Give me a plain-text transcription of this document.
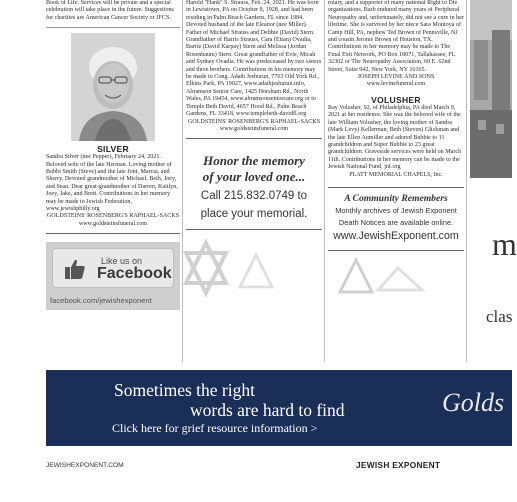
Book of Life. Services will be private and a special celebration will take place in the future. Suggestions for charities are American Cancer Society or JFCS.
SILVER
Sandra Silver (nee Pepper), February 24, 2021. Beloved wife of the late Herman. Loving mother of Bobbi Smith (Steve) and the late Joni, Marcia, and Sherry. Devoted grandmother of Michael, Beth, Joey, and Sean. Dear great-grandmother of Darren, Kaitlyn, Joey, Jake, and Brett. Contributions in her memory may be made to Jewish Federation, www.jewishphilly.org
GOLDSTEINS' ROSENBERG'S RAPHAEL-SACKS
www.goldsteinsfuneral.com
Like us on
Facebook
facebook.com/jewishexponent
Harold "Hank" S. Strauss, Feb. 24, 2021. He was born in Lewistown, PA on October 8, 1928, and had been residing in Palm Beach Gardens, FL since 1984. Devoted husband of the late Eleanor (nee Miller). Father of Michael Strauss and Debbie (David) Stern. Grandfather of Harris Strauss, Cara (Eitan) Ovadia, Barrie (David Karpay) Stern and Melissa (Jordan Rosenbaum) Stern. Great grandfather of Evie, Micah and Sydney Ovadia. He was predeceased by two sisters and three brothers. Contributions in his memory may be made to Cong. Adath Jeshurun, 7763 Old York Rd., Elkins Park, PA 19027, www.adathjeshurun.info, Abramson Senior Care, 1425 Horsham Rd., North Wales, PA 19454, www.abramsonseniorcare.org or to Temple Beth David, 4657 Hood Rd., Palm Beach Gardens, FL 33418, www.templebeth-davidfl.org
GOLDSTEINS' ROSENBERG'S RAPHAEL-SACKS
www.goldsteinsfuneral.com
Honor the memory
of your loved one...
Call 215.832.0749 to
place your memorial.
rotary, and a supporter of many national Right to Die organizations. Barb endured many years of Peripheral Neuropathy and, unfortunately, did not see a cure in her lifetime. She is survived by her niece Sara Montoya of Camp Hill, PA, nephew Ted Brown of Pennsville, NJ and cousin Jerome Brown of Houston, TX. Contributions in her memory may be made to The Final Exit Network, PO Box 10071, Tallahassee, FL 32302 or The Neuropathy Association, 60 E. 62nd Street, Suite 942, New York, NY 10165.
JOSEPH LEVINE AND SONS
www.levinefuneral.com
VOLUSHER
Ray Volusher, 92, of Philadelphia, PA died March 9, 2021 at her residence. She was the beloved wife of the late William Volusher, the loving mother of Sandra (Mark Levy) Kellerman, Beth (Steven) Glickman and the late Ellen Aumiller and adored Bubbie to 11 grandchildren and Super Bubbie to 23 great grandchildren. Graveside services were held on March 11th. Contributions in her memory can be made to the Jewish National Fund, jnf.org
PLATT MEMORIAL CHAPELS, Inc.
A Community Remembers
Monthly archives of Jewish Exponent
Death Notices are available online.
www.JewishExponent.com m
clas
Sometimes the right
words are hard to find
Click here for grief resource information >
Golds
JEWISHEXPONENT.COM	JEWISH EXPONENT
